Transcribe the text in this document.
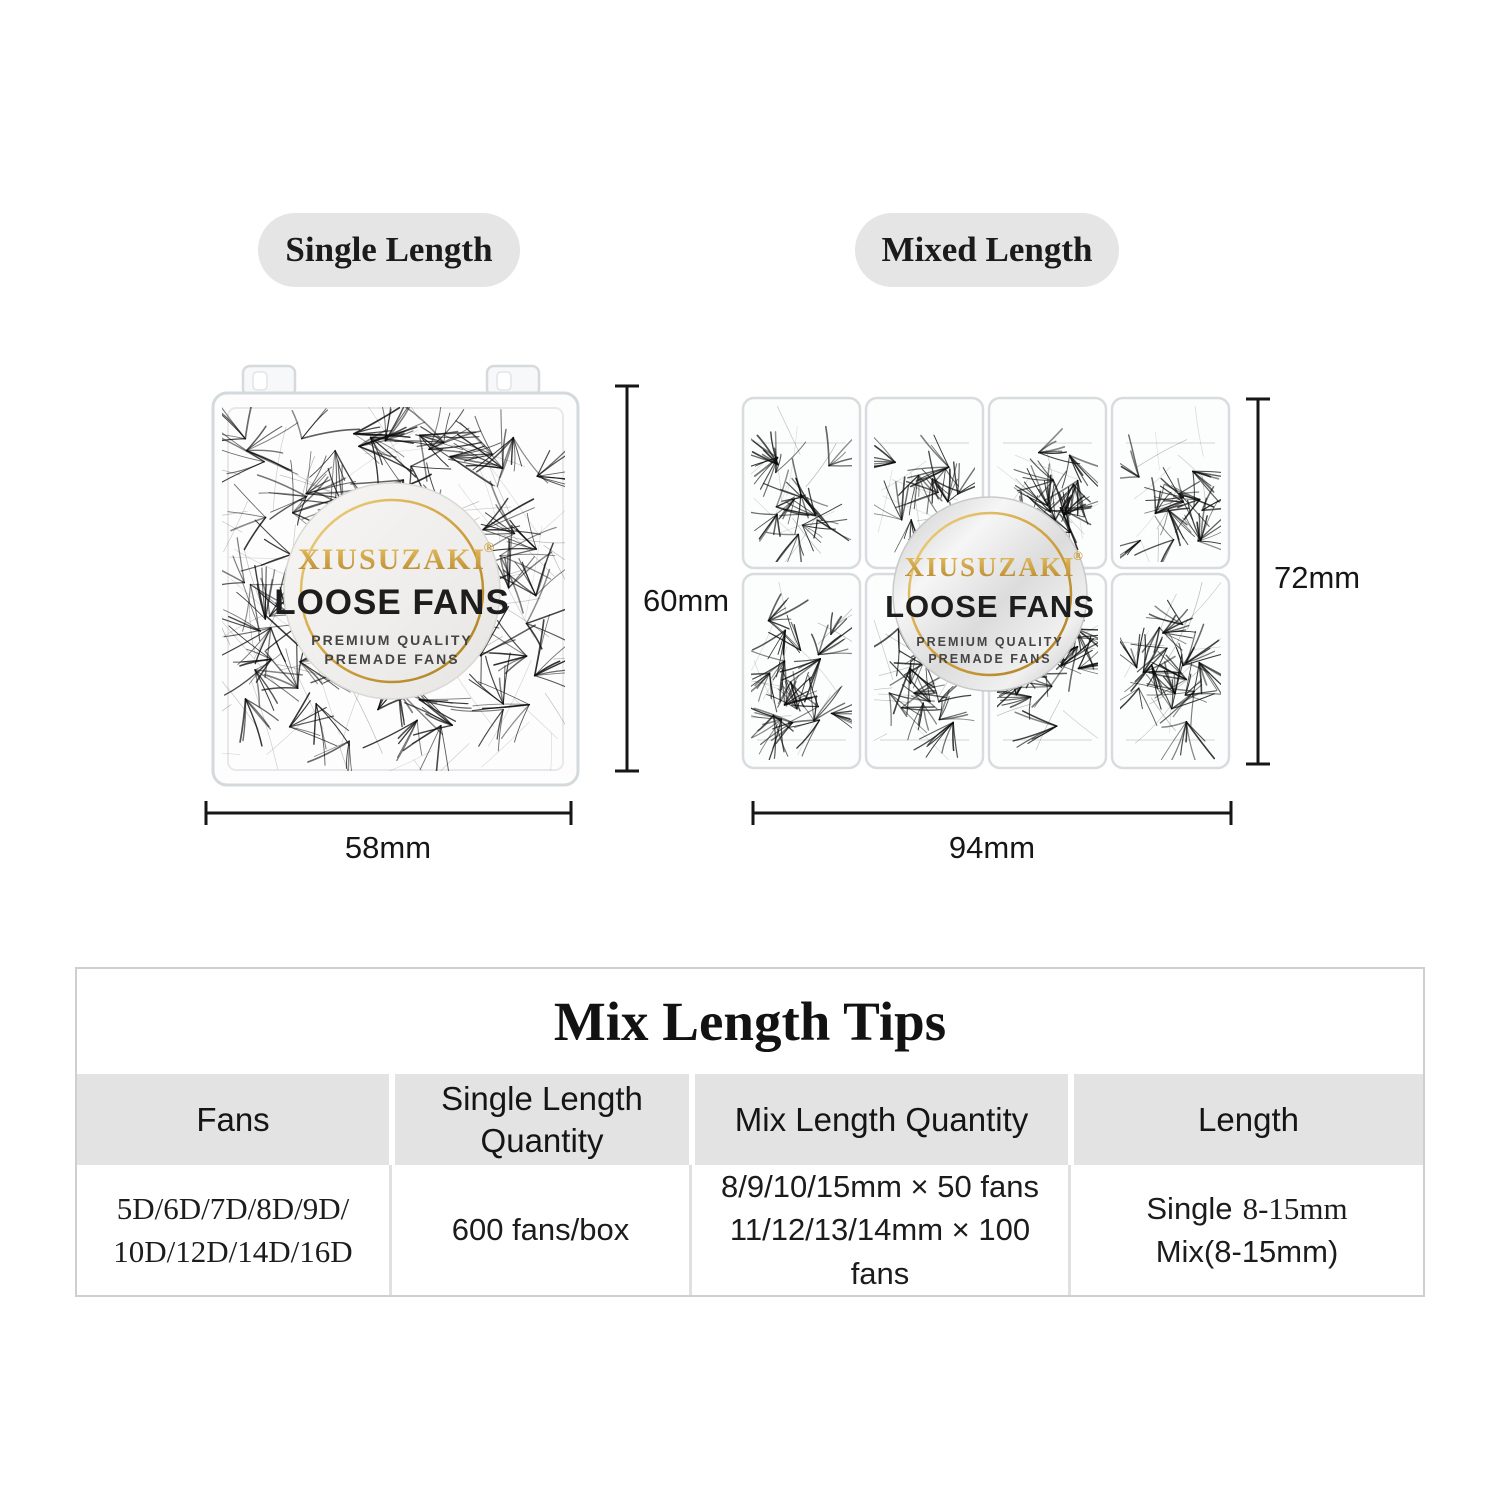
Single Length	Mixed Length
XIUSUZAKI
®
LOOSE FANS
PREMIUM QUALITY
PREMADE FANS
XIUSUZAKI
®
LOOSE FANS
PREMIUM QUALITY
PREMADE FANS
60mm
58mm
72mm
94mm
Mix Length Tips
Fans
Single Length Quantity
Mix Length Quantity	Length
5D/6D/7D/8D/9D/
10D/12D/14D/16D
600 fans/box
8/9/10/15mm × 50 fans
11/12/13/14mm × 100 fans
Single 8-15mm
Mix(8-15mm)
